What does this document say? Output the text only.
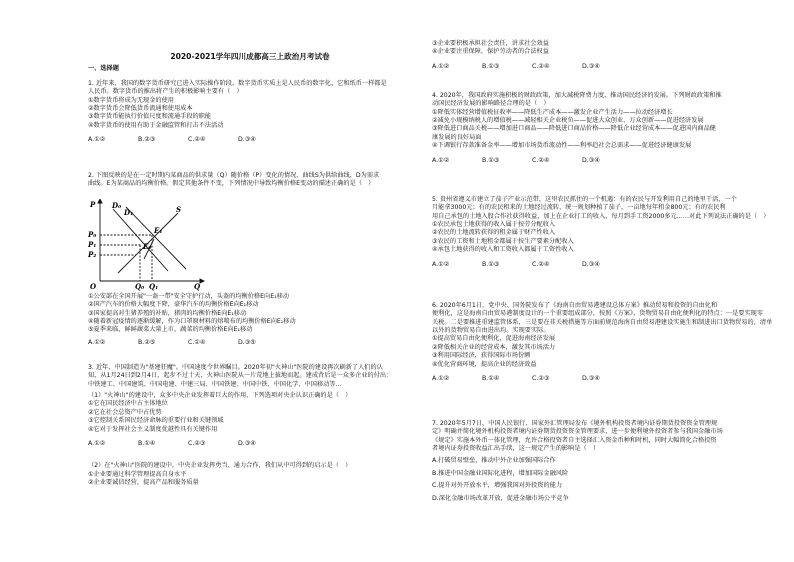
2020-2021学年四川成都高三上政治月考试卷
一、选择题

1. 近年来，我国的数字货币研究已进入实际操作阶段。数字货币实质上是人民币的数字化，它和纸币一样都是

人民币。数字货币的推出将产生的积极影响主要有（　）

①数字货币将成为无现金的使用

②数字货币会降低货币流通和使用成本

③数字货币能执行价值尺度和流通手段的职能

④数字货币的使用有助于金融监管和打击不法活动

A.①②	B.②③	C.②④	D.③④

2. 下图反映的是在一定时期内某商品的供求量（Q）随价格（P）变化的情况，曲线S为供给曲线，D为需求

曲线。E为某商品的均衡价格。假定其他条件不变，下列情况中导致均衡价格E变动的描述正确的是（　）

P D₀
D₁	S
E₁
E₀
P₀
P₁
P₂
O	Q₀ Q₁	Q

①公安部在全国开展"一盔一带"安全守护行动，头盔的均衡价格E向E₁移动

②国产汽车的价格大幅度下降，豪华汽车的均衡价格E向E₁移动

③国家提高对生猪养殖的补贴，猪肉的均衡价格E向E₁移动

④随着新冠疫情的逐渐缓解，作为口罩原材料的熔喷布的均衡价格E向E₁移动

⑤夏季来临，鲜鲜蔬菜大量上市，蔬菜的均衡价格E向E₁移动

A.①②	B.②⑤	C.①④	D.③⑤

3. 近年，中国制造为"基建狂魔"。中国速度令世界瞩目。2020年初"火神山"医院的建设再次刷新了人们的认

知，从1月24日到2月4日，起步不过十天，火神山医院从一片荒地上拔地而起。建成背后是一众多企业的付出：

中铁建工、中国建筑、中国电建、中建三局、中国铁建、中国中铁、中国化学、中国移动等...

（1）"火神山"的建设中，众多中央企业发挥着巨大的作用，下列选项对央企认识正确的是（　）

①它在国民经济中占主体地位

②它在社会总资产中占优势

③它控制关系国民经济命脉的重要行业和关键领域

④它对于发挥社会主义制度优越性具有关键作用

A.①②	B.①④	C.②③	D.③④

（2）在"火神山"医院的建设中，中央企业发挥勇当、通力合作，我们从中可得到的启示是（　）

①企业要通过科学管理提高自身水平

②企业要诚信经营，提高产品和服务质量

③企业要积极承担社会责任，讲求社会效益

④企业要注重保障，保护劳动者的合法权益

A.①②	B.①③	C.②④	D.③④

4. 2020年，我国政府实施积极的财政政策，加大减税降费力度，推动国民经济的发展。下列财政政策和推

动国民经济发展的影响路径合理的是（　）

①降低实体经营增值税征收率——降低生产成本——激发企业产生活力——拉动经济增长

②减免小规模纳税人的增值税——减轻相关企业税负——促进大众创业、万众创新——促进经济发展

③降低进口商品关税——增加进口商品——降低进口商品价格——降低企业经营成本——促进国内商品健

康发展的良好局面

④下调银行存款准备金率——增加市场货币流动性——利率趋社会总需求——促进经济健康发展

A.①②	B.①③	C.②④	D.③④

5. 贵州省遵义市建立了茄子产业示范带，这里农民抓住的一个机遇：有的农民与开发利用自己的地里干活，一个

月能拿3000元；有的农民租来的土地经过流转，统一规划种植了茄子，一亩地每年租金800元；有的农民利

用自己承包的土地入股合作社获得收益，加上在企业打工的收入，每月到手工资2000多元……对此下列说法正确的是（　）

①农民承包土地获得的收入属于按劳分配收入

②农民的土地流转获得的租金属于财产性收入

③农民的工资和土地租金都属于按生产要素分配收入

④承包土地获得的收入和工资收入都属于工资性收入

A.①②	B.①③	C.②④	D.③④

6. 2020年6月1日，党中央、国务院发布了《海南自由贸易港建设总体方案》推动贸易和投资的自由化和

便利化，这是海南自由贸易港制度设计的一个重要组成部分，按照《方案》，货物贸易自由化便利化的特点：一是要实现零

关税。二是要推进重建监管体系，三是要在非关税措施等方面前规范海南自由贸易港建设实施生和制进出口货物贸易的，清单

以外的货物贸易自由进出均。实现要实际。

①提高贸易自由化便利化，促进海南经济发展

②降低相关企业的经营成本，激发其市场活力

③利用国际经济，获得国际市场份额

④优化营商环境，提高企业的经济效益

A.①②	B.①④	C.②③	D.③④

7. 2020年5月7日，中国人民银行、国家外汇管理局发布《境外机构投资者境内证券期货投资资金管理规

定》明确并简化境外机构投资者境内证券期货投资资金管理要求，进一步便利境外投资者参与我国金融市场

《规定》实施本外币一体化管理，允许合格投资者自主选择汇入资金币种和时机，同时大幅简化合格投资

者境内证券投资收益汇出手续，这一规定产生的影响是（　）

A.打破贸易壁垒，推动中外企业加强国际合作

B.推进中国金融业国际化进程，增加国际金融风险

C.提升对外开放水平，增强我国对外投资的能力

D.深化金融市场改革开放，促进金融市场公平竞争
